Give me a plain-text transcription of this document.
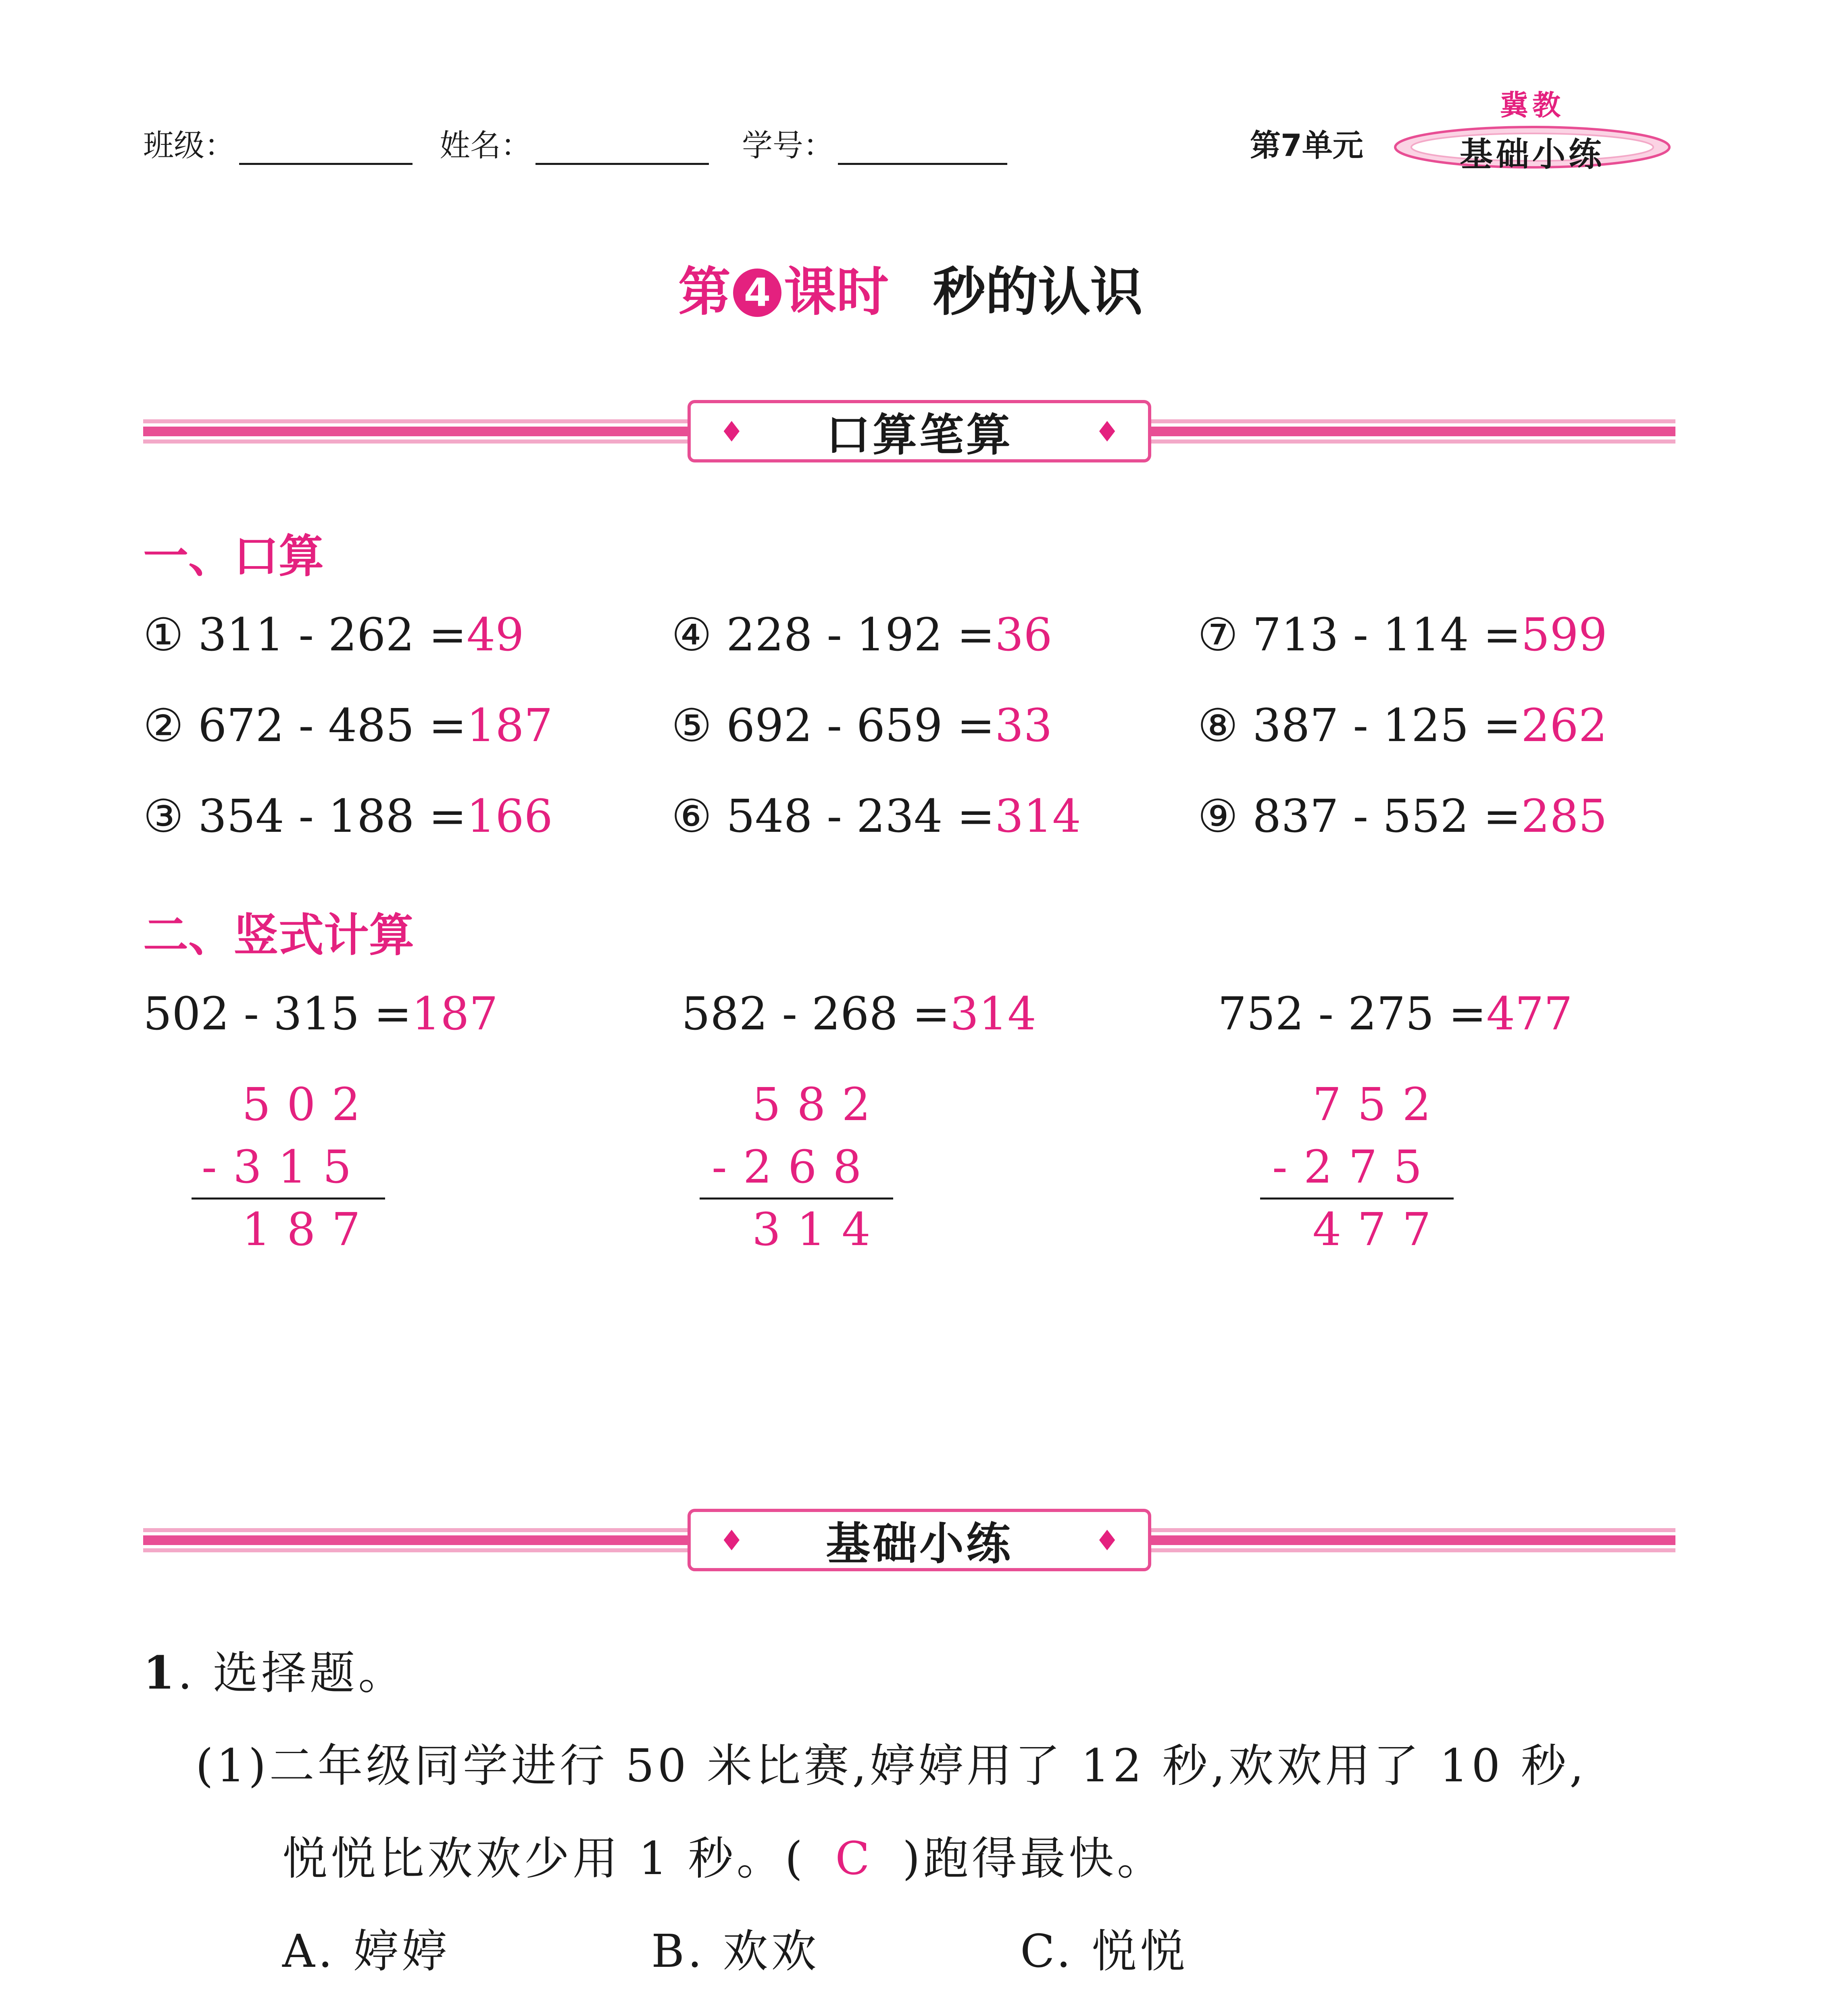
班级：	姓名：	学号：	第7单元
冀教
基础小练
第 4 课时 秒的认识
♦ 口算笔算	♦
一、口算
① 311 - 262 =49	④ 228 - 192 =36	⑦ 713 - 114 =599
② 672 - 485 =187	⑤ 692 - 659 =33	⑧ 387 - 125 =262
③ 354 - 188 =166	⑥ 548 - 234 =314	⑨ 837 - 552 =285
二、竖式计算
502 - 315 =187	582 - 268 =314	752 - 275 =477
502
-315
187
582
-268
314
752
-275
477
♦ 基础小练	♦
1. 选择题。
(1)二年级同学进行 50 米比赛,婷婷用了 12 秒,欢欢用了 10 秒,
悦悦比欢欢少用 1 秒。( C )跑得最快。
A. 婷婷	B. 欢欢	C. 悦悦
